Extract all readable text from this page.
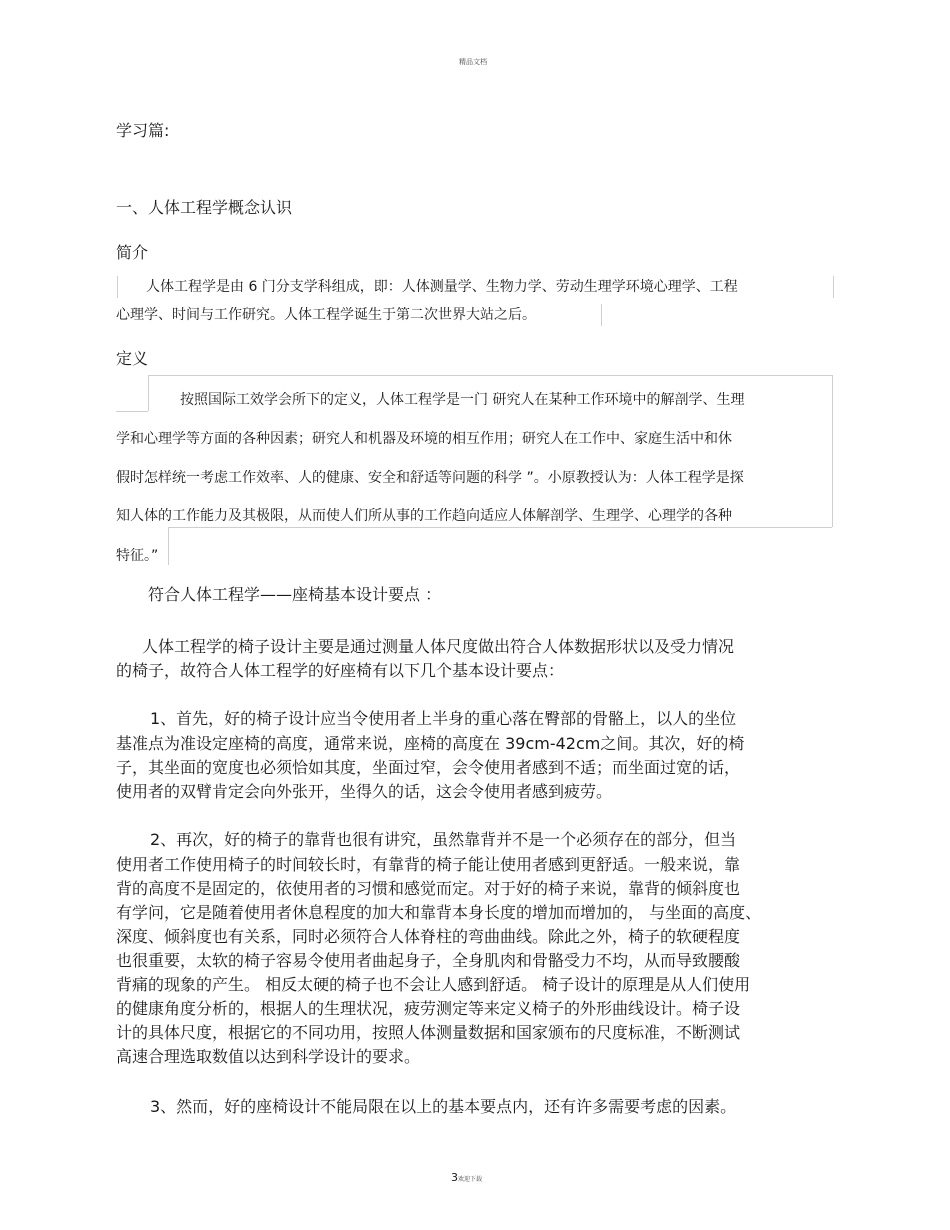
精品文档
学习篇:
一、人体工程学概念认识
简介
人体工程学是由 6 门分支学科组成，即：人体测量学、生物力学、劳动生理学环境心理学、工程
心理学、时间与工作研究。人体工程学诞生于第二次世界大站之后。
定义
按照国际工效学会所下的定义，人体工程学是一门 研究人在某种工作环境中的解剖学、生理
学和心理学等方面的各种因素；研究人和机器及环境的相互作用；研究人在工作中、家庭生活中和休
假时怎样统一考虑工作效率、人的健康、安全和舒适等问题的科学 ”。小原教授认为：人体工程学是探
知人体的工作能力及其极限，从而使人们所从事的工作趋向适应人体解剖学、生理学、心理学的各种
特征。”
符合人体工程学——座椅基本设计要点 ：
人体工程学的椅子设计主要是通过测量人体尺度做出符合人体数据形状以及受力情况
的椅子，故符合人体工程学的好座椅有以下几个基本设计要点：
1、首先，好的椅子设计应当令使用者上半身的重心落在臀部的骨骼上，以人的坐位
基准点为准设定座椅的高度，通常来说，座椅的高度在 39cm-42cm之间。其次，好的椅
子，其坐面的宽度也必须恰如其度，坐面过窄，会令使用者感到不适；而坐面过宽的话，
使用者的双臂肯定会向外张开，坐得久的话，这会令使用者感到疲劳。
2、再次，好的椅子的靠背也很有讲究，虽然靠背并不是一个必须存在的部分，但当
使用者工作使用椅子的时间较长时，有靠背的椅子能让使用者感到更舒适。一般来说，靠
背的高度不是固定的，依使用者的习惯和感觉而定。对于好的椅子来说，靠背的倾斜度也
有学问，它是随着使用者休息程度的加大和靠背本身长度的增加而增加的， 与坐面的高度、
深度、倾斜度也有关系，同时必须符合人体脊柱的弯曲曲线。除此之外，椅子的软硬程度
也很重要，太软的椅子容易令使用者曲起身子，全身肌肉和骨骼受力不均，从而导致腰酸
背痛的现象的产生。 相反太硬的椅子也不会让人感到舒适。 椅子设计的原理是从人们使用
的健康角度分析的，根据人的生理状况，疲劳测定等来定义椅子的外形曲线设计。椅子设
计的具体尺度，根据它的不同功用，按照人体测量数据和国家颁布的尺度标准，不断测试
高速合理选取数值以达到科学设计的要求。
3、然而，好的座椅设计不能局限在以上的基本要点内，还有许多需要考虑的因素。
3欢迎下载
